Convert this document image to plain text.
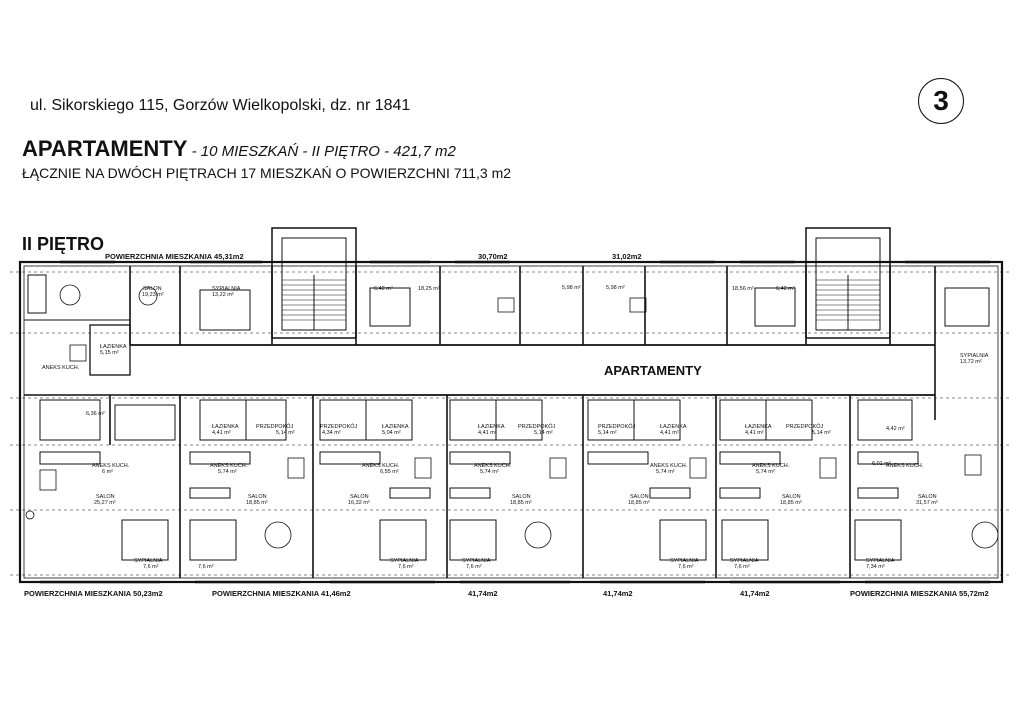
ul. Sikorskiego 115, Gorzów Wielkopolski, dz. nr 1841
APARTAMENTY - 10 MIESZKAŃ - II PIĘTRO - 421,7 m2
ŁĄCZNIE NA DWÓCH PIĘTRACH 17 MIESZKAŃ O POWIERZCHNI 711,3 m2
II PIĘTRO
3
POWIERZCHNIA MIESZKANIA 45,31m2	30,70m2	31,02m2
POWIERZCHNIA MIESZKANIA 50,23m2	POWIERZCHNIA MIESZKANIA 41,46m2	41,74m2	41,74m2	41,74m2	POWIERZCHNIA MIESZKANIA 55,72m2
APARTAMENTY
SALON
19,23 m²
SYPIALNIA
13,22 m²
ŁAZIENKA
5,15 m²
ANEKS KUCH.
6,42 m²	18,25 m²	5,98 m²	5,98 m²	18,56 m²	6,42 m²
SYPIALNIA
13,72 m²
6,36 m²
4,42 m²
ŁAZIENKA
4,41 m²
PRZEDPOKÓJ
5,14 m²
PRZEDPOKÓJ
4,34 m²
ŁAZIENKA
5,04 m²
ŁAZIENKA
4,41 m²
PRZEDPOKÓJ
5,14 m²
PRZEDPOKÓJ
5,14 m²
ŁAZIENKA
4,41 m²
ŁAZIENKA
4,41 m²
PRZEDPOKÓJ
5,14 m²
ANEKS KUCH.
6 m²
ANEKS KUCH.
5,74 m²
ANEKS KUCH.
6,55 m²
ANEKS KUCH.
5,74 m²
ANEKS KUCH.
5,74 m²
ANEKS KUCH.
5,74 m²
ANEKS KUCH.
6,01 m²
SALON
25,27 m²
SALON
18,85 m²
SALON
16,32 m²
SALON
18,85 m²
SALON
18,85 m²
SALON
18,85 m²
SALON
31,57 m²
SYPIALNIA
7,6 m²	7,6 m²
SYPIALNIA
7,6 m²
SYPIALNIA
7,6 m²
SYPIALNIA
7,6 m²
SYPIALNIA
7,6 m²
SYPIALNIA
7,34 m²
